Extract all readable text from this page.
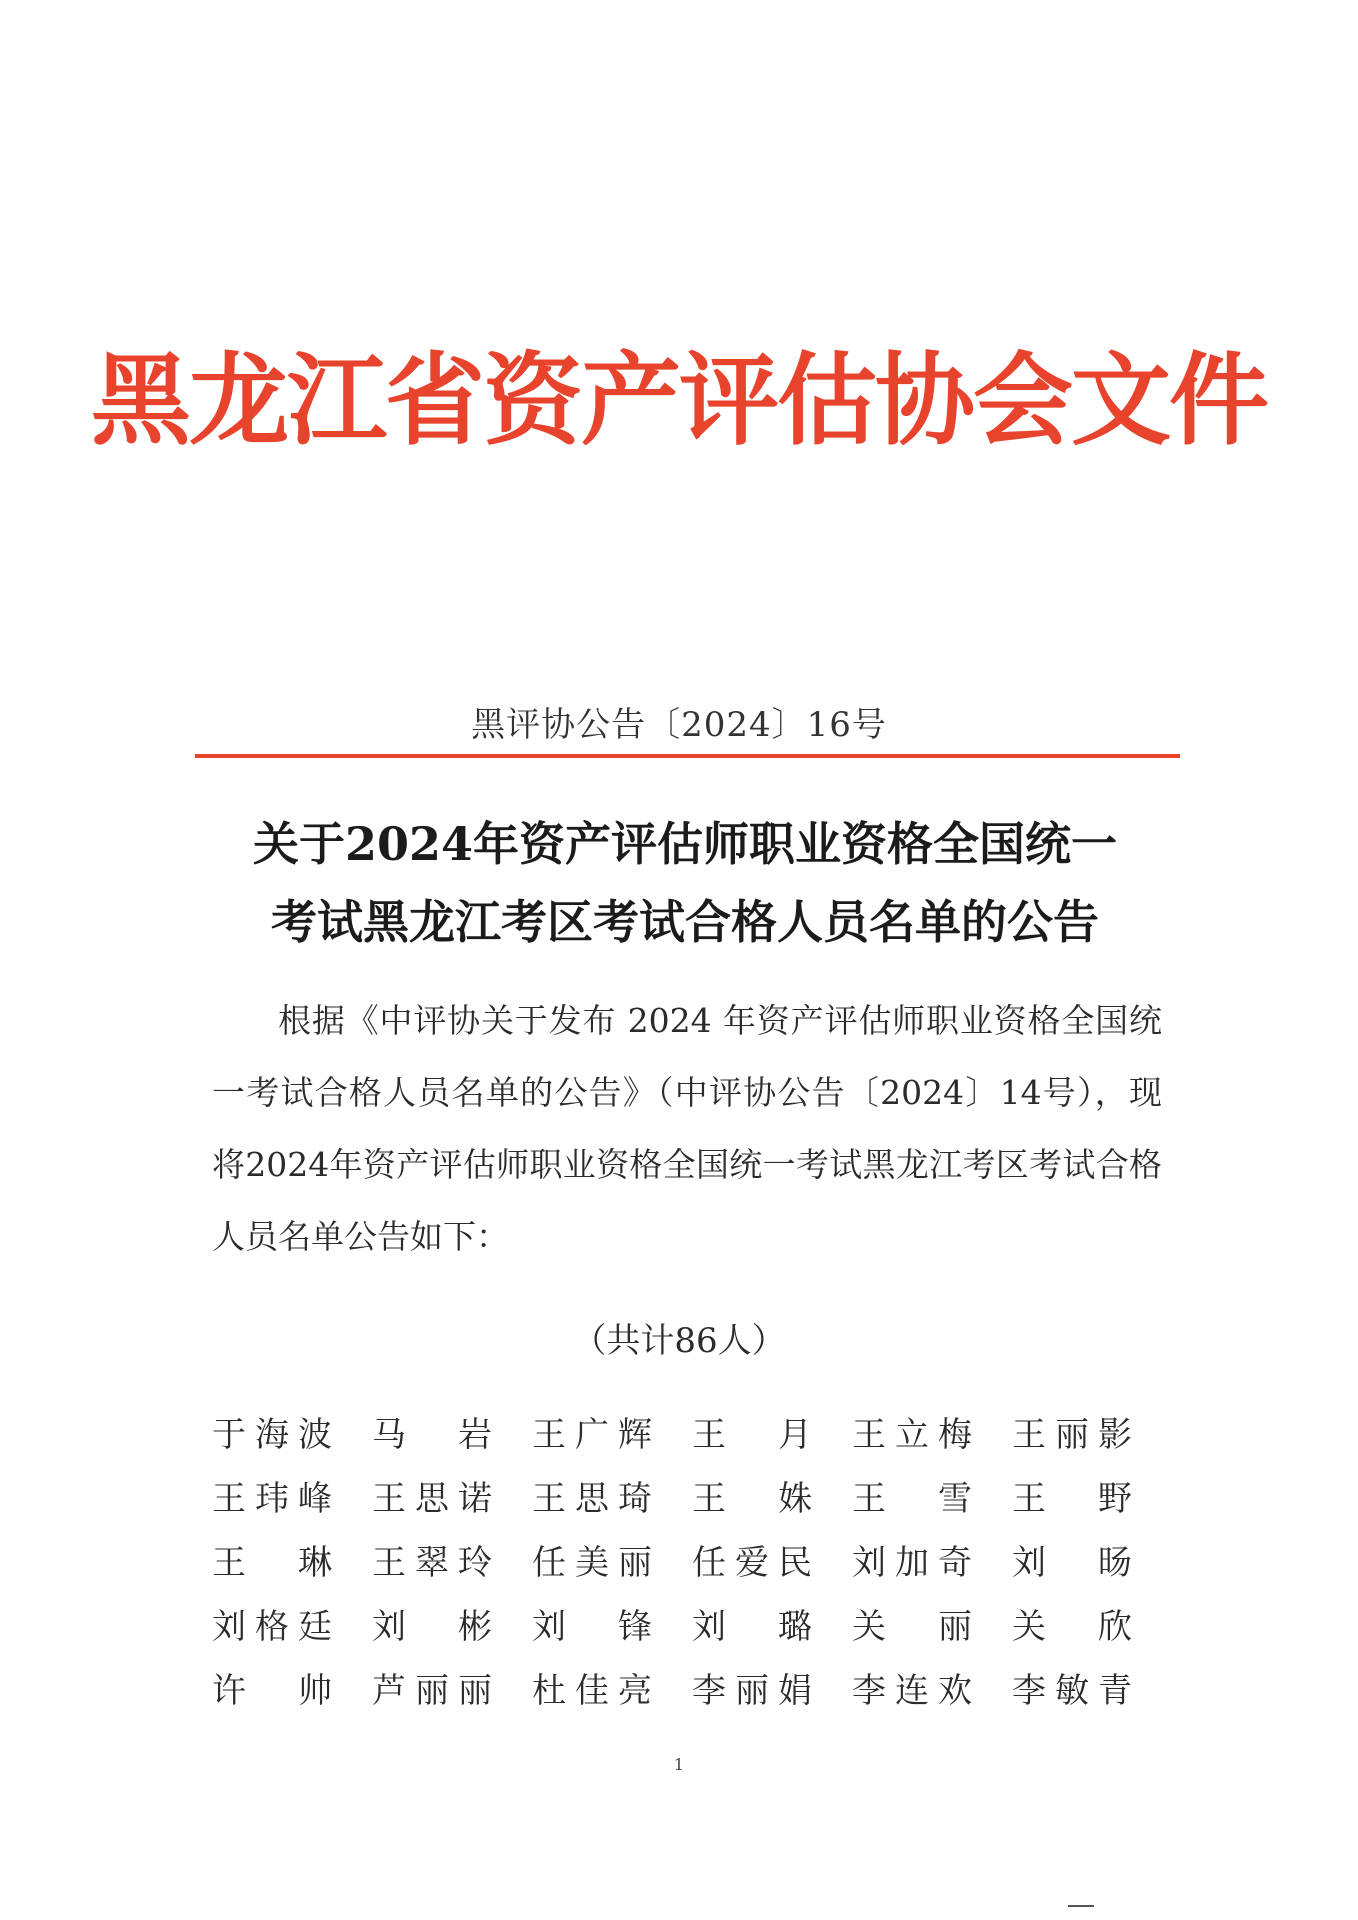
黑龙江省资产评估协会文件
黑评协公告〔2024〕16号
关于2024年资产评估师职业资格全国统一
考试黑龙江考区考试合格人员名单的公告
根据《中评协关于发布 2024 年资产评估师职业资格全国统一考试合格人员名单的公告》（中评协公告〔2024〕14号），现将2024年资产评估师职业资格全国统一考试黑龙江考区考试合格人员名单公告如下：
（共计86人）
于 海 波 马 岩 王 广 辉 王 月 王 立 梅 王 丽 影
王 玮 峰 王 思 诺 王 思 琦 王 姝 王 雪 王 野
王 琳 王 翠 玲 任 美 丽 任 爱 民 刘 加 奇 刘 旸
刘 格 廷 刘 彬 刘 锋 刘 璐 关 丽 关 欣
许 帅 芦 丽 丽 杜 佳 亮 李 丽 娟 李 连 欢 李 敏 青
1
